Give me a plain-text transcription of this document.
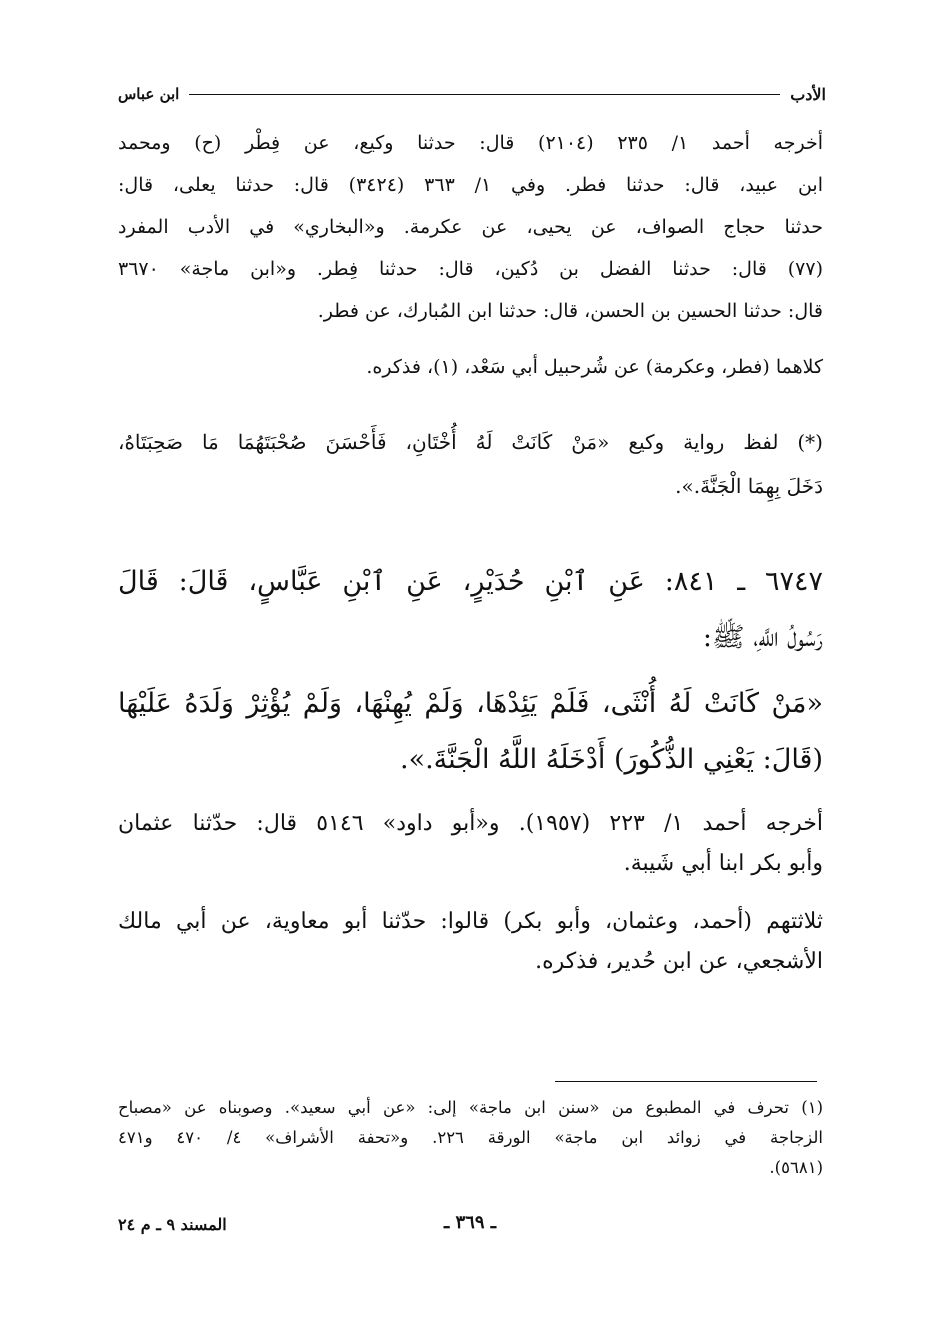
الأدب
ابن عباس
أخرجه أحمد ١/ ٢٣٥ (٢١٠٤) قال: حدثنا وكيع، عن فِطْر (ح) ومحمد
ابن عبيد، قال: حدثنا فطر. وفي ١/ ٣٦٣ (٣٤٢٤) قال: حدثنا يعلى، قال:
حدثنا حجاج الصواف، عن يحيى، عن عكرمة. و«البخاري» في الأدب المفرد
(٧٧) قال: حدثنا الفضل بن دُكين، قال: حدثنا فِطر. و«ابن ماجة» ٣٦٧٠
قال: حدثنا الحسين بن الحسن، قال: حدثنا ابن المُبارك، عن فطر.
كلاهما (فطر، وعكرمة) عن شُرحبيل أبي سَعْد، (١)، فذكره.
(*) لفظ رواية وكيع «مَنْ كَانَتْ لَهُ أُخْتَانِ، فَأَحْسَنَ صُحْبَتَهُمَا مَا صَحِبَتَاهُ،
دَخَلَ بِهِمَا الْجَنَّةَ.».
٦٧٤٧ ـ ٨٤١: عَنِ ٱبْنِ حُدَيْرٍ، عَنِ ٱبْنِ عَبَّاسٍ، قَالَ: قَالَ
رَسُولُ اللَّهِ، ﷺ:
«مَنْ كَانَتْ لَهُ أُنْثَى، فَلَمْ يَئِدْهَا، وَلَمْ يُهِنْهَا، وَلَمْ يُؤْثِرْ وَلَدَهُ عَلَيْهَا
(قَالَ: يَعْنِي الذُّكُورَ) أَدْخَلَهُ اللَّهُ الْجَنَّةَ.».
أخرجه أحمد ١/ ٢٢٣ (١٩٥٧). و«أبو داود» ٥١٤٦ قال: حدّثنا عثمان
وأبو بكر ابنا أبي شَيبة.
ثلاثتهم (أحمد، وعثمان، وأبو بكر) قالوا: حدّثنا أبو معاوية، عن أبي مالك
الأشجعي، عن ابن حُدير، فذكره.
(١) تحرف في المطبوع من «سنن ابن ماجة» إلى: «عن أبي سعيد». وصوبناه عن «مصباح
الزجاجة في زوائد ابن ماجة» الورقة ٢٢٦. و«تحفة الأشراف» ٤/ ٤٧٠ و٤٧١
(٥٦٨١).
المسند ٩ ـ م ٢٤	ـ ٣٦٩ ـ
